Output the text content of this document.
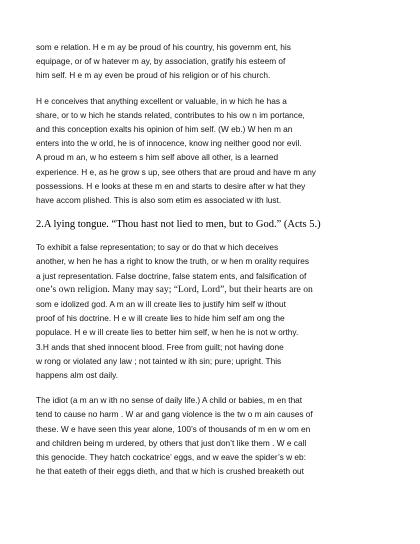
som e relation. H e m ay be proud of his country, his governm ent, his
equipage, or of w hatever m ay, by association, gratify his esteem of
him self. H e m ay even be proud of his religion or of his church.

H e conceives that anything excellent or valuable, in w hich he has a
share, or to w hich he stands related, contributes to his ow n im portance,
and this conception exalts his opinion of him self. (W eb.) W hen m an
enters into the w orld, he is of innocence, know ing neither good nor evil.
A proud m an, w ho esteem s him self above all other, is a learned
experience. H e, as he grow s up, see others that are proud and have m any
possessions. H e looks at these m en and starts to desire after w hat they
have accom plished. This is also som etim es associated w ith lust.

2.A lying tongue. “Thou hast not lied to men, but to God.” (Acts 5.)

To exhibit a false representation; to say or do that w hich deceives
another, w hen he has a right to know the truth, or w hen m orality requires
a just representation. False doctrine, false statem ents, and falsification of
one’s own religion. Many may say; “Lord, Lord”, but their hearts are on
som e idolized god. A m an w ill create lies to justify him self w ithout
proof of his doctrine. H e w ill create lies to hide him self am ong the
populace. H e w ill create lies to better him self, w hen he is not w orthy.
3.H ands that shed innocent blood. Free from guilt; not having done
w rong or violated any law ; not tainted w ith sin; pure; upright. This
happens alm ost daily.

The idiot (a m an w ith no sense of daily life.) A child or babies, m en that
tend to cause no harm . W ar and gang violence is the tw o m ain causes of
these. W e have seen this year alone, 100’s of thousands of m en w om en
and children being m urdered, by others that just don’t like them . W e call
this genocide. They hatch cockatrice’ eggs, and w eave the spider’s w eb:
he that eateth of their eggs dieth, and that w hich is crushed breaketh out
